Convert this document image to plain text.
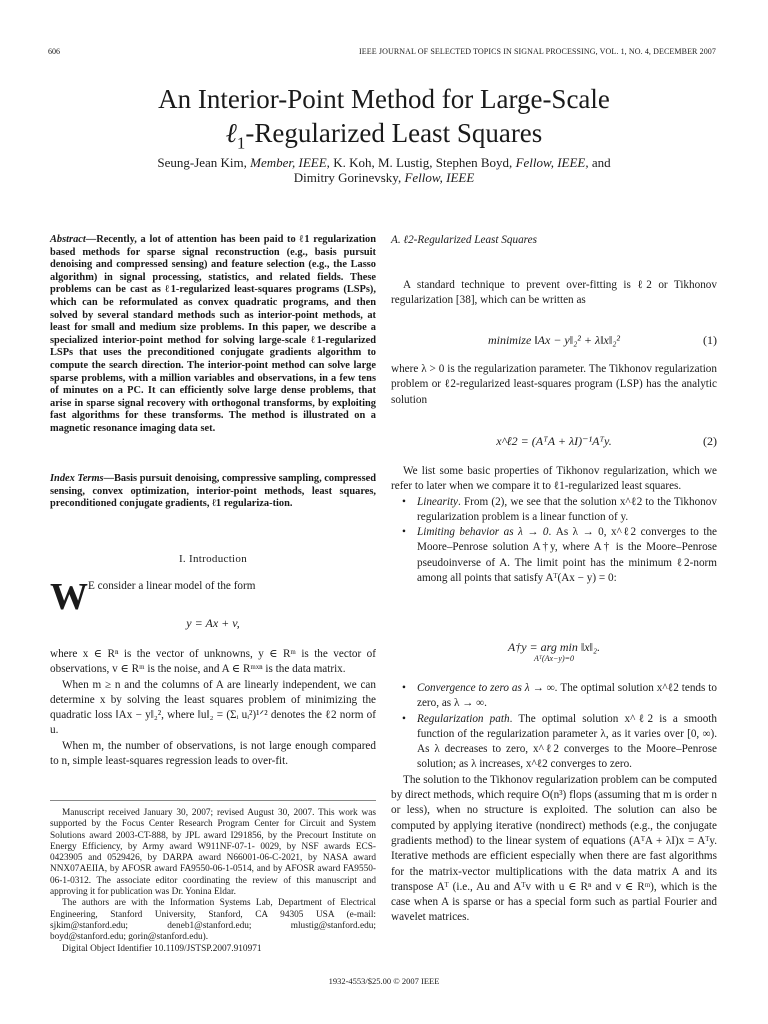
606	IEEE JOURNAL OF SELECTED TOPICS IN SIGNAL PROCESSING, VOL. 1, NO. 4, DECEMBER 2007
An Interior-Point Method for Large-Scale
ℓ$_1$-Regularized Least Squares
Seung-Jean Kim, Member, IEEE, K. Koh, M. Lustig, Stephen Boyd, Fellow, IEEE, and
Dimitry Gorinevsky, Fellow, IEEE
Abstract—Recently, a lot of attention has been paid to ℓ1 regularization based methods for sparse signal reconstruction (e.g., basis pursuit denoising and compressed sensing) and feature selection (e.g., the Lasso algorithm) in signal processing, statistics, and related fields. These problems can be cast as ℓ1-regularized least-squares programs (LSPs), which can be reformulated as convex quadratic programs, and then solved by several standard methods such as interior-point methods, at least for small and medium size problems. In this paper, we describe a specialized interior-point method for solving large-scale ℓ1-regularized LSPs that uses the preconditioned conjugate gradients algorithm to compute the search direction. The interior-point method can solve large sparse problems, with a million variables and observations, in a few tens of minutes on a PC. It can efficiently solve large dense problems, that arise in sparse signal recovery with orthogonal transforms, by exploiting fast algorithms for these transforms. The method is illustrated on a magnetic resonance imaging data set.
Index Terms—Basis pursuit denoising, compressive sampling, compressed sensing, convex optimization, interior-point methods, least squares, preconditioned conjugate gradients, ℓ1 regulariza-tion.
I. Introduction
W E consider a linear model of the form
y = Ax + v,

where x ∈ Rⁿ is the vector of unknowns, y ∈ Rᵐ is the vector of observations, v ∈ Rᵐ is the noise, and A ∈ Rᵐˣⁿ is the data matrix.

When m ≥ n and the columns of A are linearly independent, we can determine x by solving the least squares problem of minimizing the quadratic loss ‖Ax − y‖₂², where ‖u‖₂ = (Σᵢ uᵢ²)¹ᐟ² denotes the ℓ2 norm of u.

When m, the number of observations, is not large enough compared to n, simple least-squares regression leads to over-fit.

Manuscript received January 30, 2007; revised August 30, 2007. This work was supported by the Focus Center Research Program Center for Circuit and System Solutions award 2003-CT-888, by JPL award I291856, by the Precourt Institute on Energy Efficiency, by Army award W911NF-07-1- 0029, by NSF awards ECS-0423905 and 0529426, by DARPA award N66001-06-C-2021, by NASA award NNX07AEIIA, by AFOSR award FA9550-06-1-0514, and by AFOSR award FA9550-06-1-0312. The associate editor coordinating the review of this manuscript and approving it for publication was Dr. Yonina Eldar.

The authors are with the Information Systems Lab, Department of Electrical Engineering, Stanford University, Stanford, CA 94305 USA (e-mail: sjkim@stanford.edu; deneb1@stanford.edu; mlustig@stanford.edu; boyd@stanford.edu; gorin@stanford.edu).

Digital Object Identifier 10.1109/JSTSP.2007.910971

A. ℓ2-Regularized Least Squares

A standard technique to prevent over-fitting is ℓ2 or Tikhonov regularization [38], which can be written as

minimize ‖Ax − y‖₂² + λ‖x‖₂²	(1)

where λ > 0 is the regularization parameter. The Tikhonov regularization problem or ℓ2-regularized least-squares program (LSP) has the analytic solution

x^ℓ2 = (AᵀA + λI)⁻¹Aᵀy.	(2)

We list some basic properties of Tikhonov regularization, which we refer to later when we compare it to ℓ1-regularized least squares.

• Linearity. From (2), we see that the solution x^ℓ2 to the Tikhonov regularization problem is a linear function of y.
• Limiting behavior as λ → 0. As λ → 0, x^ℓ2 converges to the Moore–Penrose solution A†y, where A† is the Moore–Penrose pseudoinverse of A. The limit point has the minimum ℓ2-norm among all points that satisfy Aᵀ(Ax − y) = 0:
A†y = arg min ‖x‖₂.
Aᵀ(Ax−y)=0
• Convergence to zero as λ → ∞. The optimal solution x^ℓ2 tends to zero, as λ → ∞.
• Regularization path. The optimal solution x^ℓ2 is a smooth function of the regularization parameter λ, as it varies over [0, ∞). As λ decreases to zero, x^ℓ2 converges to the Moore–Penrose solution; as λ increases, x^ℓ2 converges to zero.

The solution to the Tikhonov regularization problem can be computed by direct methods, which require O(n³) flops (assuming that m is order n or less), when no structure is exploited. The solution can also be computed by applying iterative (nondirect) methods (e.g., the conjugate gradients method) to the linear system of equations (AᵀA + λI)x = Aᵀy. Iterative methods are efficient especially when there are fast algorithms for the matrix-vector multiplications with the data matrix A and its transpose Aᵀ (i.e., Au and Aᵀv with u ∈ Rⁿ and v ∈ Rᵐ), which is the case when A is sparse or has a special form such as partial Fourier and wavelet matrices.

1932-4553/$25.00 © 2007 IEEE
